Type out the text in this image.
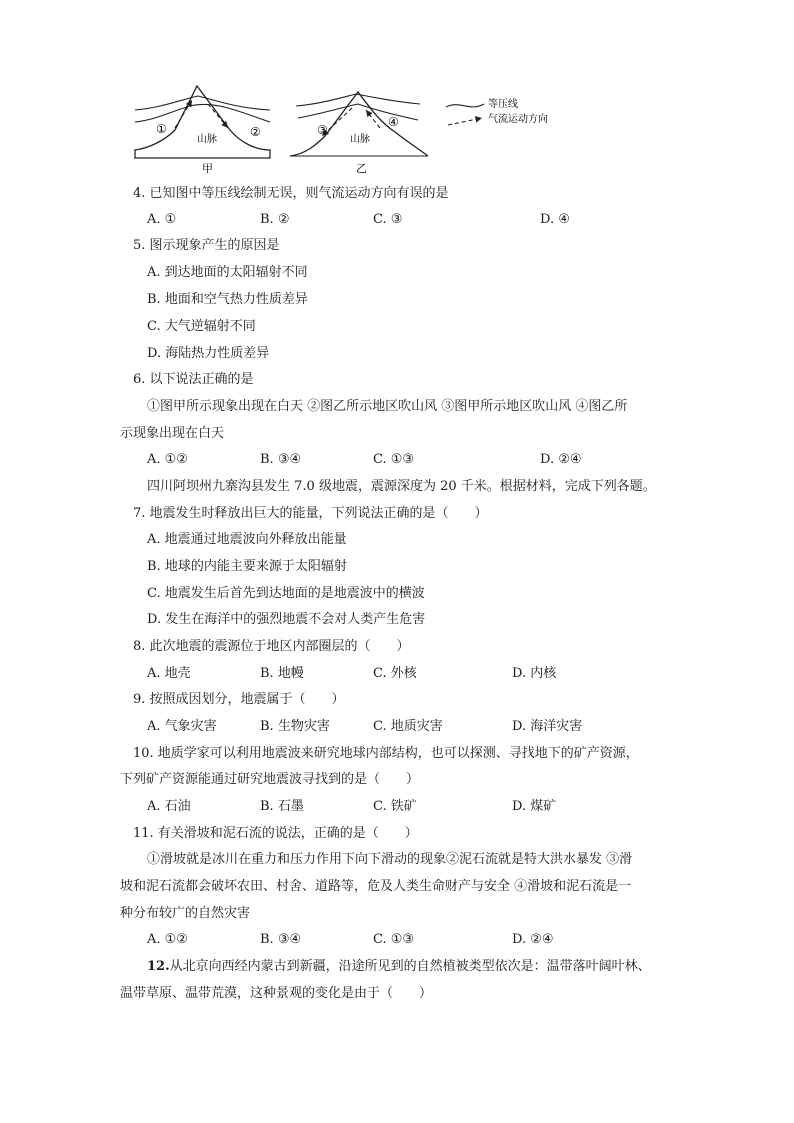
①	②
山脉
甲
③
④
山脉
乙
等压线
气流运动方向
4. 已知图中等压线绘制无误，则气流运动方向有误的是
A. ①	B. ②	C. ③	D. ④
5. 图示现象产生的原因是
A. 到达地面的太阳辐射不同
B. 地面和空气热力性质差异
C. 大气逆辐射不同
D. 海陆热力性质差异
6. 以下说法正确的是
①图甲所示现象出现在白天 ②图乙所示地区吹山风 ③图甲所示地区吹山风 ④图乙所
示现象出现在白天
A. ①②	B. ③④	C. ①③	D. ②④
四川阿坝州九寨沟县发生 7.0 级地震，震源深度为 20 千米。根据材料，完成下列各题。
7. 地震发生时释放出巨大的能量，下列说法正确的是（　　）
A. 地震通过地震波向外释放出能量
B. 地球的内能主要来源于太阳辐射
C. 地震发生后首先到达地面的是地震波中的横波
D. 发生在海洋中的强烈地震不会对人类产生危害
8. 此次地震的震源位于地区内部圈层的（　　）
A. 地壳	B. 地幔	C. 外核	D. 内核
9. 按照成因划分，地震属于（　　）
A. 气象灾害	B. 生物灾害	C. 地质灾害	D. 海洋灾害
10. 地质学家可以利用地震波来研究地球内部结构，也可以探测、寻找地下的矿产资源，
下列矿产资源能通过研究地震波寻找到的是（　　）
A. 石油	B. 石墨	C. 铁矿	D. 煤矿
11. 有关滑坡和泥石流的说法，正确的是（　　）
①滑坡就是冰川在重力和压力作用下向下滑动的现象②泥石流就是特大洪水暴发 ③滑
坡和泥石流都会破坏农田、村舍、道路等，危及人类生命财产与安全 ④滑坡和泥石流是一
种分布较广的自然灾害
A. ①②	B. ③④	C. ①③	D. ②④
12.从北京向西经内蒙古到新疆，沿途所见到的自然植被类型依次是：温带落叶阔叶林、
温带草原、温带荒漠，这种景观的变化是由于（　　）
